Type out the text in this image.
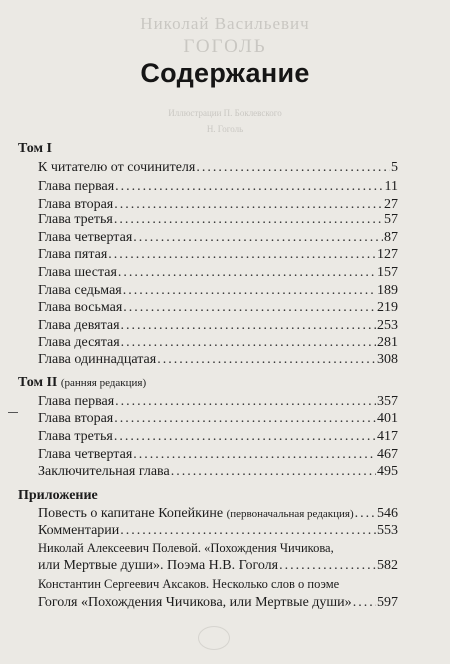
Николай Васильевич
ГОГОЛЬ
Иллюстрации П. Боклевского
Н. Гоголь
Содержание
Том I
К читателю от сочинителя .....	5
Глава первая .....	11
Глава вторая .....	27
Глава третья .....	57
Глава четвертая .....	87
Глава пятая .....	127
Глава шестая .....	157
Глава седьмая .....	189
Глава восьмая .....	219
Глава девятая .....	253
Глава десятая .....	281
Глава одиннадцатая .....	308
Том II (ранняя редакция)
Глава первая .....	357
Глава вторая .....	401
Глава третья .....	417
Глава четвертая .....	467
Заключительная глава .....	495
Приложение
Повесть о капитане Копейкине (первоначальная редакция) ..... 546
Комментарии .....	553
Николай Алексеевич Полевой. «Похождения Чичикова,
или Мертвые души». Поэма Н.В. Гоголя .....	582
Константин Сергеевич Аксаков. Несколько слов о поэме
Гоголя «Похождения Чичикова, или Мертвые души» ..... 597
